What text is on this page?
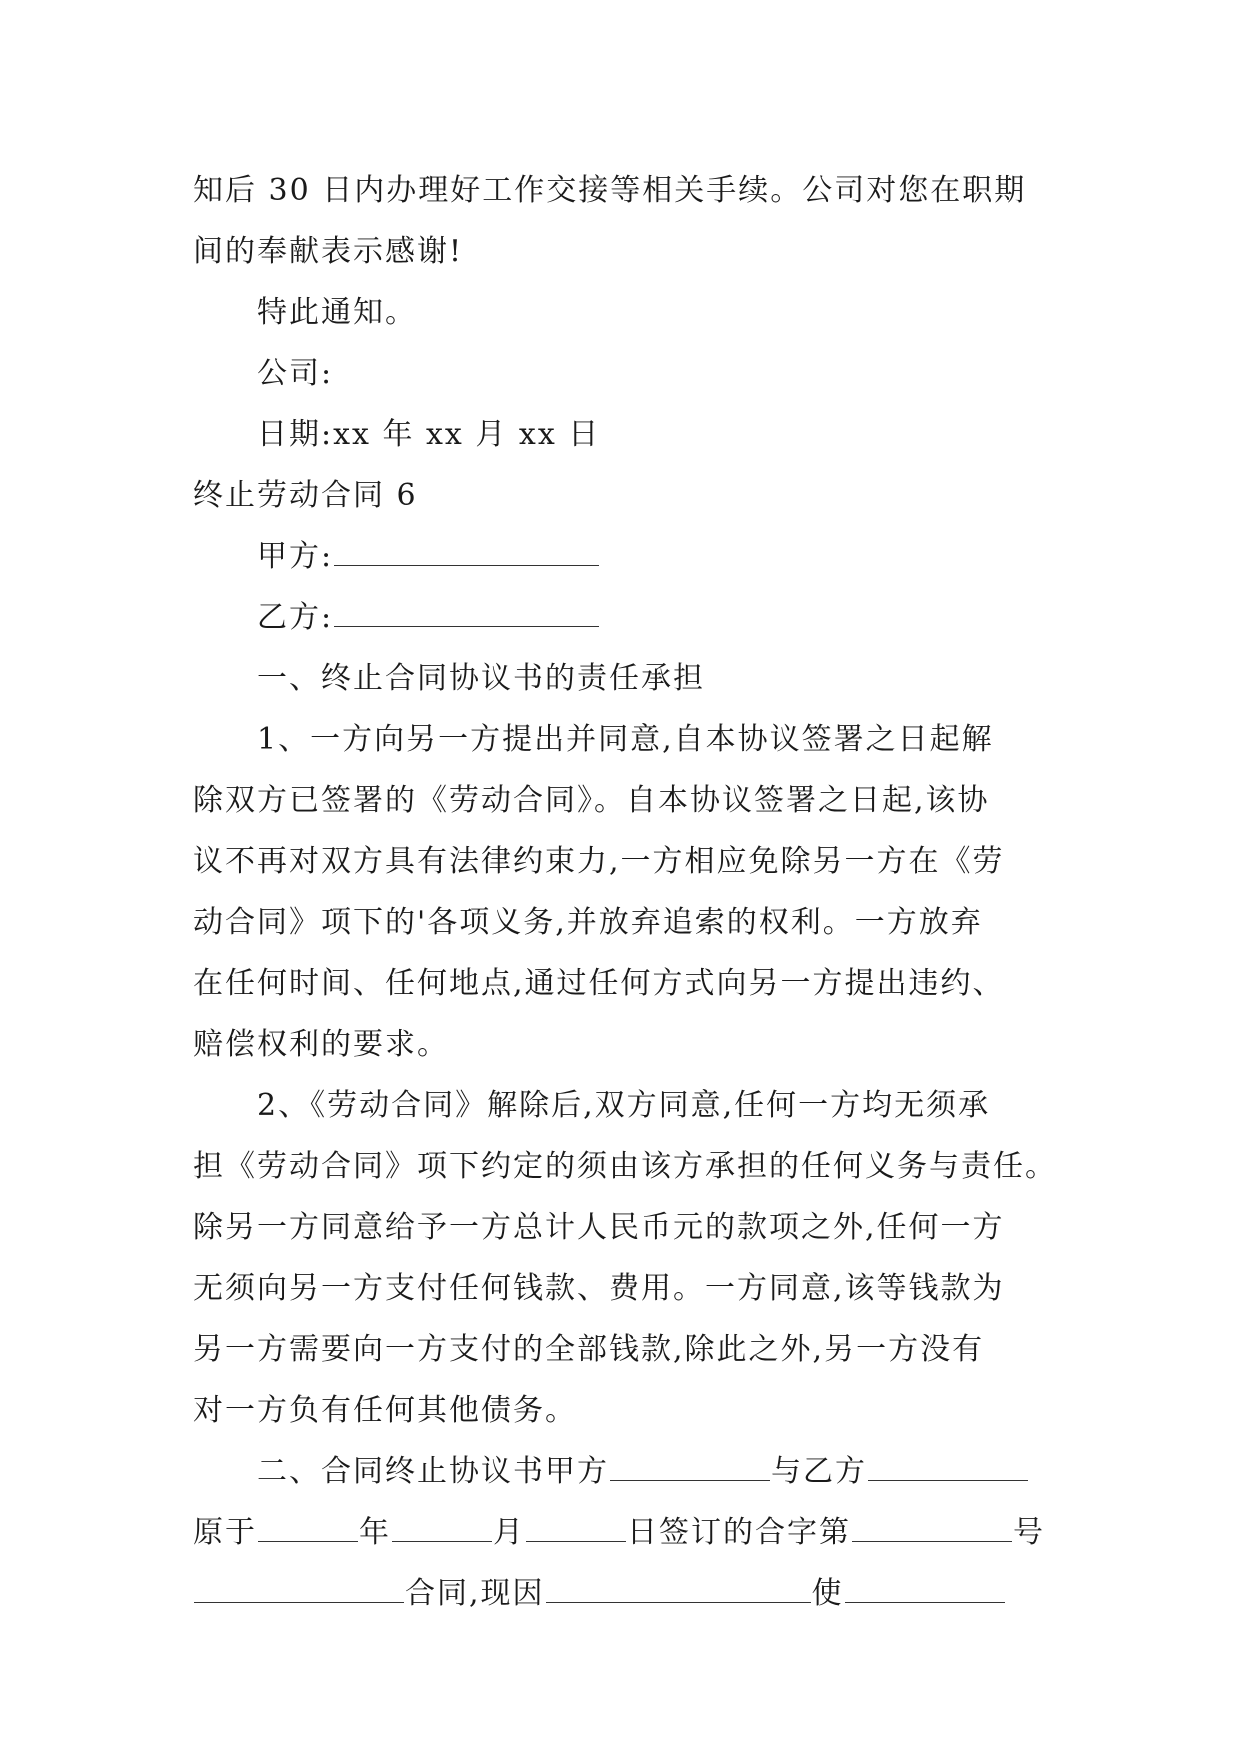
知后 30 日内办理好工作交接等相关手续。公司对您在职期
间的奉献表示感谢!
特此通知。
公司:
日期:xx 年 xx 月 xx 日
终止劳动合同 6
甲方:
乙方:
一、终止合同协议书的责任承担
1、一方向另一方提出并同意,自本协议签署之日起解
除双方已签署的《劳动合同》。自本协议签署之日起,该协
议不再对双方具有法律约束力,一方相应免除另一方在《劳
动合同》项下的'各项义务,并放弃追索的权利。一方放弃
在任何时间、任何地点,通过任何方式向另一方提出违约、
赔偿权利的要求。
2、《劳动合同》解除后,双方同意,任何一方均无须承
担《劳动合同》项下约定的须由该方承担的任何义务与责任。
除另一方同意给予一方总计人民币元的款项之外,任何一方
无须向另一方支付任何钱款、费用。一方同意,该等钱款为
另一方需要向一方支付的全部钱款,除此之外,另一方没有
对一方负有任何其他债务。
二、合同终止协议书甲方	与乙方
原于	年	月	日签订的合字第	号
合同,现因	使
